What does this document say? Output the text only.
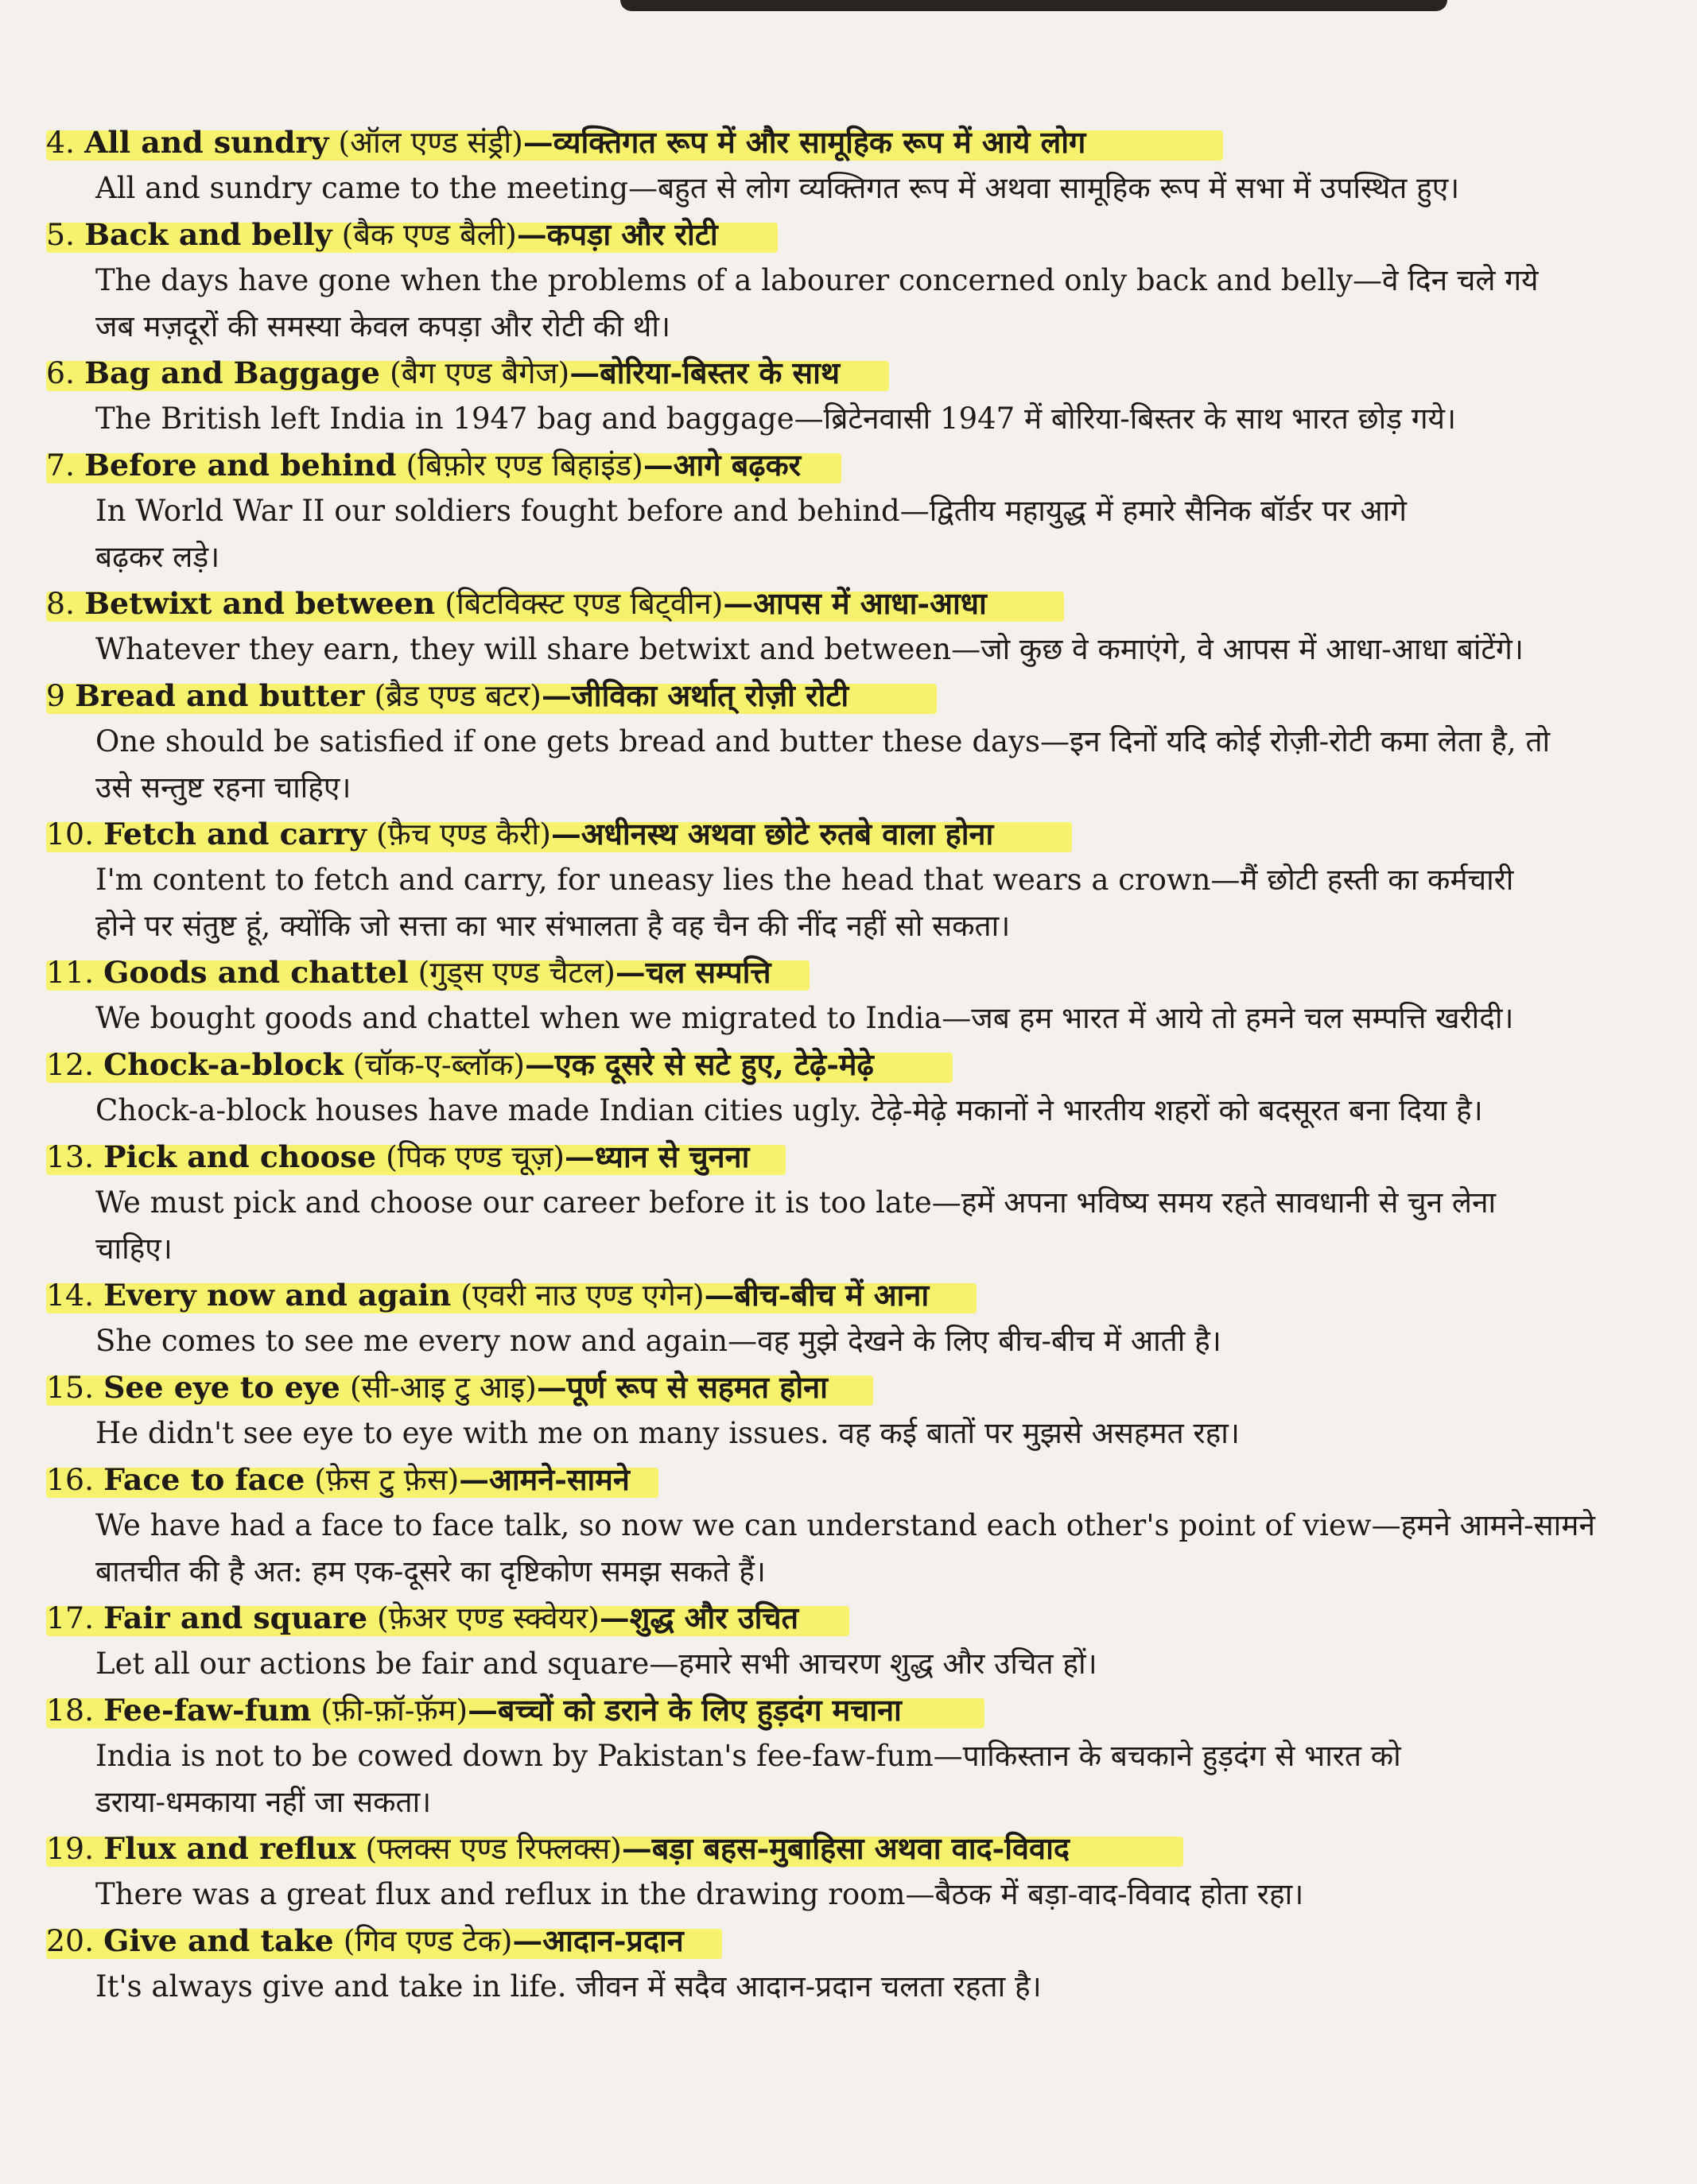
4. All and sundry (ऑल एण्ड संड्री)—व्यक्तिगत रूप में और सामूहिक रूप में आये लोग
All and sundry came to the meeting—बहुत से लोग व्यक्तिगत रूप में अथवा सामूहिक रूप में सभा में उपस्थित हुए।
5. Back and belly (बैक एण्ड बैली)—कपड़ा और रोटी
The days have gone when the problems of a labourer concerned only back and belly—वे दिन चले गये
जब मज़दूरों की समस्या केवल कपड़ा और रोटी की थी।
6. Bag and Baggage (बैग एण्ड बैगेज)—बोरिया-बिस्तर के साथ
The British left India in 1947 bag and baggage—ब्रिटेनवासी 1947 में बोरिया-बिस्तर के साथ भारत छोड़ गये।
7. Before and behind (बिफ़ोर एण्ड बिहाइंड)—आगे बढ़कर
In World War II our soldiers fought before and behind—द्वितीय महायुद्ध में हमारे सैनिक बॉर्डर पर आगे
बढ़कर लड़े।
8. Betwixt and between (बिटविक्स्ट एण्ड बिट्वीन)—आपस में आधा-आधा
Whatever they earn, they will share betwixt and between—जो कुछ वे कमाएंगे, वे आपस में आधा-आधा बांटेंगे।
9 Bread and butter (ब्रैड एण्ड बटर)—जीविका अर्थात् रोज़ी रोटी
One should be satisfied if one gets bread and butter these days—इन दिनों यदि कोई रोज़ी-रोटी कमा लेता है, तो
उसे सन्तुष्ट रहना चाहिए।
10. Fetch and carry (फ़ैच एण्ड कैरी)—अधीनस्थ अथवा छोटे रुतबे वाला होना
I'm content to fetch and carry, for uneasy lies the head that wears a crown—मैं छोटी हस्ती का कर्मचारी
होने पर संतुष्ट हूं, क्योंकि जो सत्ता का भार संभालता है वह चैन की नींद नहीं सो सकता।
11. Goods and chattel (गुड्स एण्ड चैटल)—चल सम्पत्ति
We bought goods and chattel when we migrated to India—जब हम भारत में आये तो हमने चल सम्पत्ति खरीदी।
12. Chock-a-block (चॉक-ए-ब्लॉक)—एक दूसरे से सटे हुए, टेढ़े-मेढ़े
Chock-a-block houses have made Indian cities ugly. टेढ़े-मेढ़े मकानों ने भारतीय शहरों को बदसूरत बना दिया है।
13. Pick and choose (पिक एण्ड चूज़)—ध्यान से चुनना
We must pick and choose our career before it is too late—हमें अपना भविष्य समय रहते सावधानी से चुन लेना
चाहिए।
14. Every now and again (एवरी नाउ एण्ड एगेन)—बीच-बीच में आना
She comes to see me every now and again—वह मुझे देखने के लिए बीच-बीच में आती है।
15. See eye to eye (सी-आइ टु आइ)—पूर्ण रूप से सहमत होना
He didn't see eye to eye with me on many issues. वह कई बातों पर मुझसे असहमत रहा।
16. Face to face (फ़ेस टु फ़ेस)—आमने-सामने
We have had a face to face talk, so now we can understand each other's point of view—हमने आमने-सामने
बातचीत की है अत: हम एक-दूसरे का दृष्टिकोण समझ सकते हैं।
17. Fair and square (फ़ेअर एण्ड स्क्वेयर)—शुद्ध और उचित
Let all our actions be fair and square—हमारे सभी आचरण शुद्ध और उचित हों।
18. Fee-faw-fum (फ़ी-फ़ॉ-फ़ॅम)—बच्चों को डराने के लिए हुड़दंग मचाना
India is not to be cowed down by Pakistan's fee-faw-fum—पाकिस्तान के बचकाने हुड़दंग से भारत को
डराया-धमकाया नहीं जा सकता।
19. Flux and reflux (फ्लक्स एण्ड रिफ्लक्स)—बड़ा बहस-मुबाहिसा अथवा वाद-विवाद
There was a great flux and reflux in the drawing room—बैठक में बड़ा-वाद-विवाद होता रहा।
20. Give and take (गिव एण्ड टेक)—आदान-प्रदान
It's always give and take in life. जीवन में सदैव आदान-प्रदान चलता रहता है।
